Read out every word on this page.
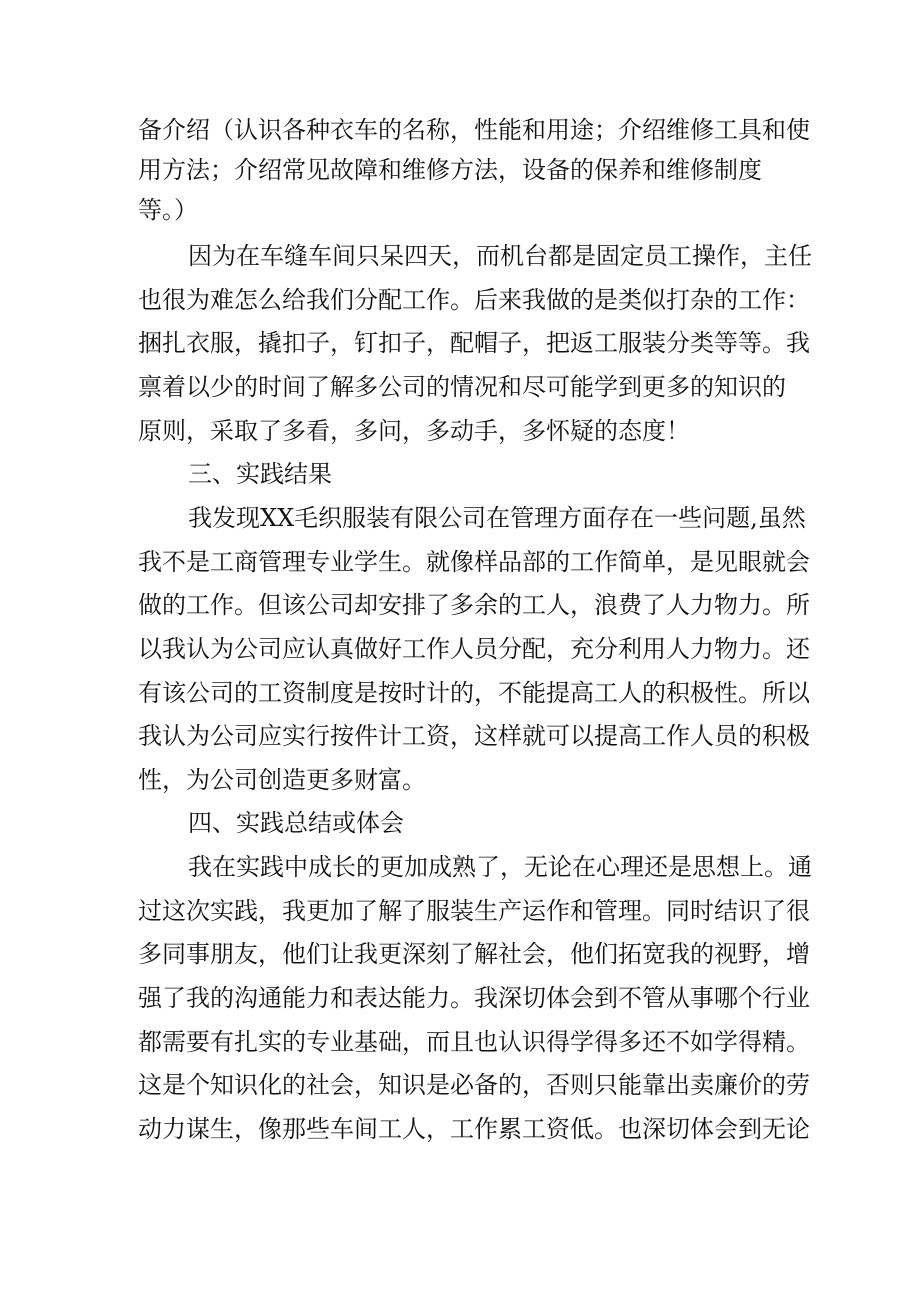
备介绍（认识各种衣车的名称，性能和用途；介绍维修工具和使
用方法；介绍常见故障和维修方法，设备的保养和维修制度
等。）
因为在车缝车间只呆四天，而机台都是固定员工操作，主任
也很为难怎么给我们分配工作。后来我做的是类似打杂的工作：
捆扎衣服，撬扣子，钉扣子，配帽子，把返工服装分类等等。我
禀着以少的时间了解多公司的情况和尽可能学到更多的知识的
原则，采取了多看，多问，多动手，多怀疑的态度！
三、实践结果
我发现XX毛织服装有限公司在管理方面存在一些问题,虽然
我不是工商管理专业学生。就像样品部的工作简单，是见眼就会
做的工作。但该公司却安排了多余的工人，浪费了人力物力。所
以我认为公司应认真做好工作人员分配，充分利用人力物力。还
有该公司的工资制度是按时计的，不能提高工人的积极性。所以
我认为公司应实行按件计工资，这样就可以提高工作人员的积极
性，为公司创造更多财富。
四、实践总结或体会
我在实践中成长的更加成熟了，无论在心理还是思想上。通
过这次实践，我更加了解了服装生产运作和管理。同时结识了很
多同事朋友，他们让我更深刻了解社会，他们拓宽我的视野，增
强了我的沟通能力和表达能力。我深切体会到不管从事哪个行业
都需要有扎实的专业基础，而且也认识得学得多还不如学得精。
这是个知识化的社会，知识是必备的，否则只能靠出卖廉价的劳
动力谋生，像那些车间工人，工作累工资低。也深切体会到无论
